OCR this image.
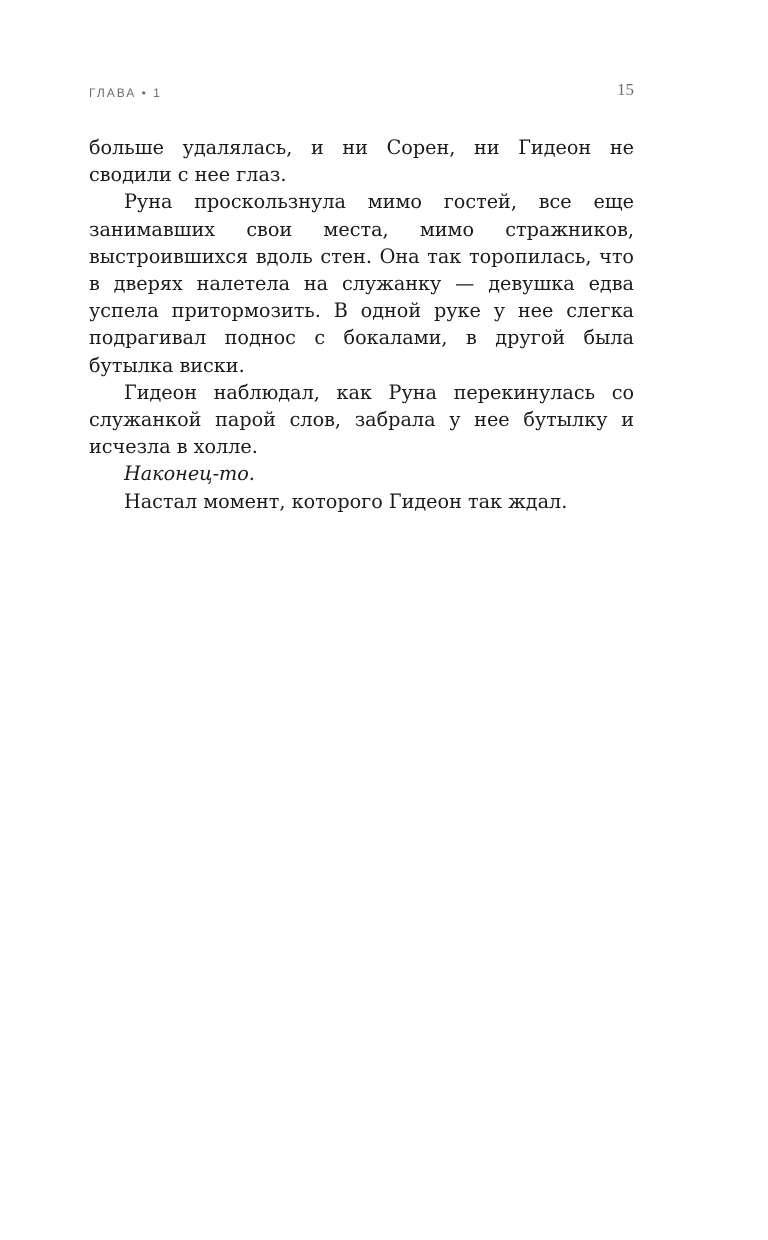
ГЛАВА • 1	15

больше удалялась, и ни Сорен, ни Гидеон не сводили с нее глаз.

Руна проскользнула мимо гостей, все еще занимавших свои места, мимо стражников, выстроившихся вдоль стен. Она так торопилась, что в дверях налетела на служанку — девушка едва успела притормозить. В одной руке у нее слегка подрагивал поднос с бокалами, в другой была бутылка виски.

Гидеон наблюдал, как Руна перекинулась со служанкой парой слов, забрала у нее бутылку и исчезла в холле.

Наконец-то.

Настал момент, которого Гидеон так ждал.
